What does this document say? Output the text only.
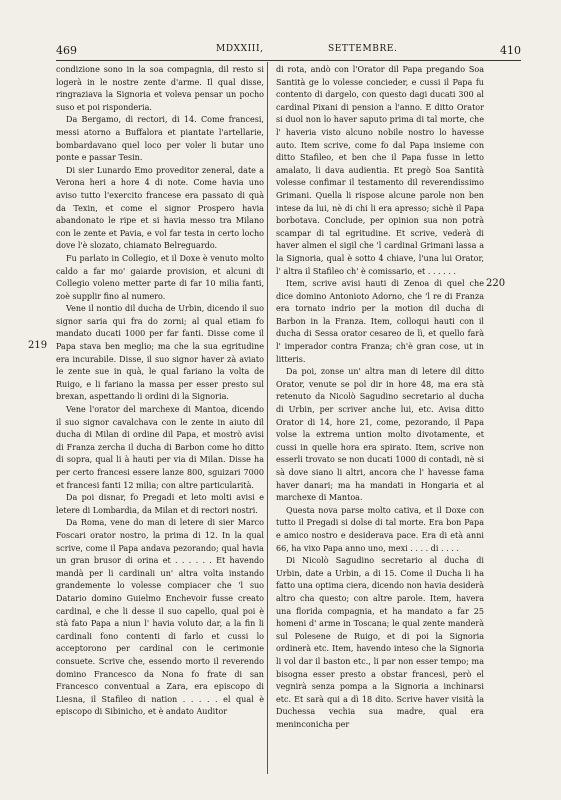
469	MDXXIII,	SETTEMBRE.	410
219
220

condizione sono in la soa compagnia, dil resto si logerà in le nostre zente d'arme. Il qual disse, ringraziava la Signoria et voleva pensar un pocho suso et poi risponderia.

Da Bergamo, di rectori, di 14. Come francesi, messi atorno a Buffalora et piantate l'artellarie, bombardavano quel loco per voler li butar uno ponte e passar Tesin.

Di sier Lunardo Emo proveditor zeneral, date a Verona heri a hore 4 di note. Come havia uno aviso tutto l'exercito francese era passato di quà da Texin, et come el signor Prospero havia abandonato le ripe et si havia messo tra Milano con le zente et Pavia, e vol far testa in certo locho dove l'è slozato, chiamato Belreguardo.

Fu parlato in Collegio, et il Doxe è venuto molto caldo a far mo' gaiarde provision, et alcuni di Collegio voleno metter parte di far 10 milia fanti, zoè supplir fino al numero.

Vene il nontio dil ducha de Urbin, dicendo il suo signor saria qui fra do zorni; al qual etiam fo mandato ducati 1000 per far fanti. Disse come il Papa stava ben meglio; ma che la sua egritudine era incurabile. Disse, il suo signor haver zà aviato le zente sue in quà, le qual fariano la volta de Ruigo, e li fariano la massa per esser presto sul brexan, aspettando li ordini di la Signoria.

Vene l'orator del marchexe di Mantoa, dicendo il suo signor cavalchava con le zente in aiuto dil ducha di Milan di ordine dil Papa, et mostrò avisi di Franza zercha il ducha di Barbon come ho ditto di sopra, qual li à hauti per via di Milan. Disse ha per certo francesi essere lanze 800, sguizari 7000 et francesi fanti 12 milia; con altre particularità.

Da poi disnar, fo Pregadi et leto molti avisi e letere di Lombardia, da Milan et di rectori nostri.

Da Roma, vene do man di letere di sier Marco Foscari orator nostro, la prima di 12. In la qual scrive, come il Papa andava pezorando; qual havia un gran brusor di orina et . . . . . . Et havendo mandà per li cardinali un' altra volta instando grandemente lo volesse compiacer che 'l suo Datario domino Guielmo Enchevoir fusse creato cardinal, e che li desse il suo capello, qual poi è stà fato Papa a niun l' havia voluto dar, a la fin li cardinali fono contenti di farlo et cussi lo acceptorono per cardinal con le cerimonie consuete. Scrive che, essendo morto il reverendo domino Francesco da Nona fo frate di san Francesco conventual a Zara, era episcopo di Liesna, il Stafileo di nation . . . . . el qual è episcopo di Sibinicho, et è andato Auditor

di rota, andò con l'Orator dil Papa pregando Soa Santità ge lo volesse concieder, e cussi il Papa fu contento di dargelo, con questo dagi ducati 300 al cardinal Pixani di pension a l'anno. E ditto Orator si duol non lo haver saputo prima di tal morte, che l' haveria visto alcuno nobile nostro lo havesse auto. Item scrive, come fo dal Papa insieme con ditto Stafileo, et ben che il Papa fusse in letto amalato, li dava audientia. Et pregò Soa Santità volesse confimar il testamento dil reverendissimo Grimani. Quella li rispose alcune parole non ben intese da lui, nè di chi li era apresso; sichè il Papa borbotava. Conclude, per opinion sua non potrà scampar di tal egritudine. Et scrive, vederà di haver almen el sigil che 'l cardinal Grimani lassa a la Signoria, qual è sotto 4 chiave, l'una lui Orator, l' altra il Stafileo ch' è comissario, et . . . . . .

Item, scrive avisi hauti di Zenoa di quel che dice domino Antonioto Adorno, che 'l re di Franza era tornato indrio per la motion dil ducha di Barbon in la Franza. Item, colloqui hauti con il ducha di Sessa orator cesareo de lì, et quello farà l' imperador contra Franza; ch'è gran cose, ut in litteris.

Da poi, zonse un' altra man di letere dil ditto Orator, venute se pol dir in hore 48, ma era stà retenuto da Nicolò Sagudino secretario al ducha di Urbin, per scriver anche lui, etc. Avisa ditto Orator di 14, hore 21, come, pezorando, il Papa volse la extrema untion molto divotamente, et cussi in quelle hora era spirato. Item, scrive non esserli trovato se non ducati 1000 di contadi, nè si sà dove siano li altri, ancora che l' havesse fama haver danari; ma ha mandati in Hongaria et al marchexe di Mantoa.

Questa nova parse molto cativa, et il Doxe con tutto il Pregadi si dolse di tal morte. Era bon Papa e amico nostro e desiderava pace. Era di età anni 66, ha vixo Papa anno uno, mexi . . . . di . . . .

Di Nicolò Sagudino secretario al ducha di Urbin, date a Urbin, a di 15. Come il Ducha li ha fatto una optima ciera, dicendo non havia desiderà altro cha questo; con altre parole. Item, havera una florida compagnia, et ha mandato a far 25 homeni d' arme in Toscana; le qual zente manderà sul Polesene de Ruigo, et di poi la Signoria ordinerà etc. Item, havendo inteso che la Signoria li vol dar il baston etc., li par non esser tempo; ma bisogna esser presto a obstar francesi, però el vegnirà senza pompa a la Signoria a inchinarsi etc. Et sarà qui a dì 18 dito. Scrive haver visità la Duchessa vechia sua madre, qual era meninconicha per
